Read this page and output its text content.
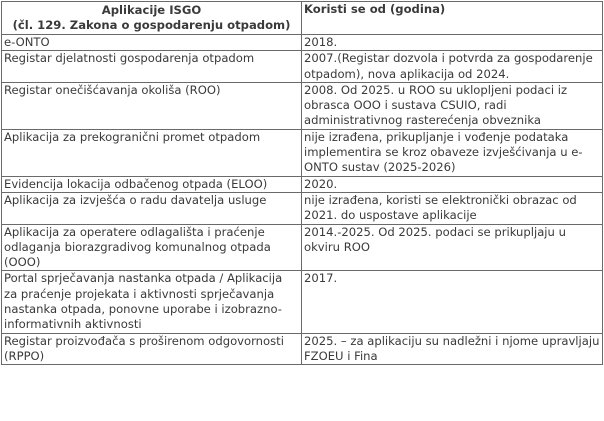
Aplikacije ISGO
(čl. 129. Zakona o gospodarenju otpadom)	Koristi se od (godina)
e-ONTO	2018.
Registar djelatnosti gospodarenja otpadom	2007.(Registar dozvola i potvrda za gospodarenje otpadom), nova aplikacija od 2024.
Registar onečišćavanja okoliša (ROO)	2008. Od 2025. u ROO su uklopljeni podaci iz obrasca OOO i sustava CSUIO, radi administrativnog rasterećenja obveznika
Aplikacija za prekogranični promet otpadom	nije izrađena, prikupljanje i vođenje podataka implementira se kroz obaveze izvješćivanja u e-ONTO sustav (2025-2026)
Evidencija lokacija odbačenog otpada (ELOO)	2020.
Aplikacija za izvješća o radu davatelja usluge	nije izrađena, koristi se elektronički obrazac od 2021. do uspostave aplikacije
Aplikacija za operatere odlagališta i praćenje odlaganja biorazgradivog komunalnog otpada (OOO)	2014.-2025. Od 2025. podaci se prikupljaju u okviru ROO
Portal sprječavanja nastanka otpada / Aplikacija za praćenje projekata i aktivnosti sprječavanja nastanka otpada, ponovne uporabe i izobrazno-informativnih aktivnosti	2017.
Registar proizvođača s proširenom odgovornosti (RPPO)	2025. – za aplikaciju su nadležni i njome upravljaju FZOEU i Fina
